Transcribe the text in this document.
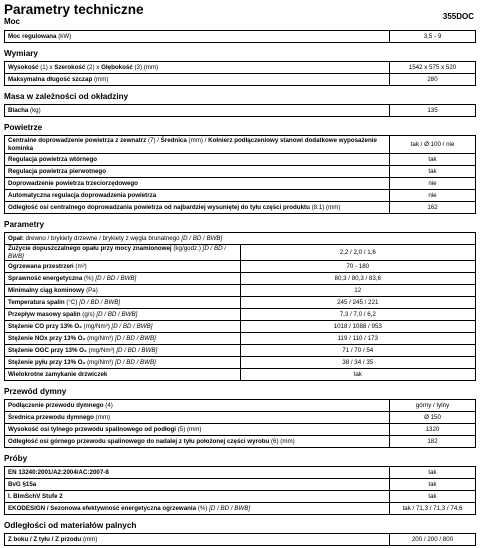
Parametry techniczne
Moc
355DOC
Moc regulowana (kW)	3,5 - 9
Wymiary
Wysokość (1) x Szerokość (2) x Głębokość (3) (mm)	1542 x 575 x 520
Maksymalna długość szczap (mm)	280
Masa w zależności od okładziny
Blacha (kg)	135
Powietrze
Centralne doprowadzenie powietrza z zewnatrz (7) / Średnica (mm) / Kołnierz podłączeniowy stanowi dodatkowe wyposażenie kominka	tak / Ø 100 / nie
Regulacja powietrza wtórnego	tak
Regulacja powietrza pierwotnego	tak
Doprowadzenie powietrza trzeciorzędowego	nie
Automatyczna regulacja doprowadzenia powietrza	nie
Odległość osi centralnego doprowadzania powietrza od najbardziej wysuniętej do tyłu części produktu (8.1) (mm)	162
Parametry
Opał: drewno / brykiety drzewne / brykiety z węgla brunatnego [D / BD / BWB]	
Zużycie dopuszczalnego opału przy mocy znamionowej (kg/godz.) [D / BD / BWB]	2,2 / 2,0 / 1,6
Ogrzewana przestrzeń (m³)	70 - 180
Sprawność energetyczna (%) [D / BD / BWB]	80,3 / 80,3 / 83,6
Minimalny ciąg kominowy (Pa)	12
Temperatura spalin (°C) [D / BD / BWB]	245 / 245 / 221
Przepływ masowy spalin (g/s) [D / BD / BWB]	7,3 / 7,0 / 6,2
Stężenie CO przy 13% O₂ (mg/Nm³) [D / BD / BWB]	1018 / 1088 / 953
Stężenie NOx przy 13% O₂ (mg/Nm³) [D / BD / BWB]	119 / 110 / 173
Stężenie OGC przy 13% O₂ (mg/Nm³) [D / BD / BWB]	71 / 70 / 54
Stężenie pyłu przy 13% O₂ (mg/Nm³) [D / BD / BWB]	38 / 34 / 35
Wielokrotne zamykanie drzwiczek	tak
Przewód dymny
Podłączenie przewodu dymnego (4)	górny / tylny
Średnica przewodu dymnego (mm)	Ø 150
Wysokość osi tylnego przewodu spalinowego od podłogi (5) (mm)	1320
Odległość osi górnego przewodu spalinowego do nadalej z tyłu położonej części wyrobu (6) (mm)	182
Próby
EN 13240:2001/A2:2004/AC:2007-8	tak
BvG §15a	tak
I. BImSchV Stufe 2	tak
EKODESIGN / Sezonowa efektywność energetyczna ogrzewania (%) [D / BD / BWB]	tak / 71,3 / 71,3 / 74,6
Odległości od materiałów palnych
Z boku / Z tyłu / Z przodu (mm)	200 / 200 / 800
